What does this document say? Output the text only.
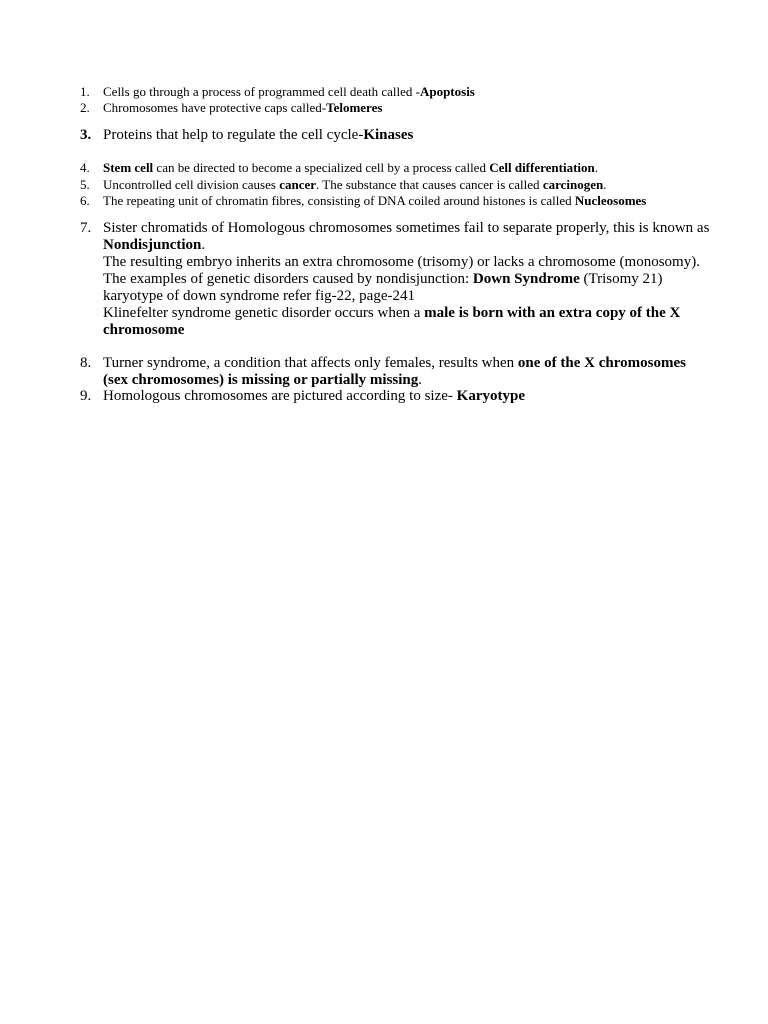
1.	Cells go through a process of programmed cell death called -Apoptosis
2.	Chromosomes have protective caps called-Telomeres
3. Proteins that help to regulate the cell cycle-Kinases
4.	Stem cell can be directed to become a specialized cell by a process called Cell differentiation.
5.	Uncontrolled cell division causes cancer. The substance that causes cancer is called carcinogen.
6.	The repeating unit of chromatin fibres, consisting of DNA coiled around histones is called Nucleosomes
7. Sister chromatids of Homologous chromosomes sometimes fail to separate properly, this is known as Nondisjunction.
The resulting embryo inherits an extra chromosome (trisomy) or lacks a chromosome (monosomy).
The examples of genetic disorders caused by nondisjunction: Down Syndrome (Trisomy 21)
karyotype of down syndrome refer fig-22, page-241
Klinefelter syndrome genetic disorder occurs when a male is born with an extra copy of the X chromosome
8. Turner syndrome, a condition that affects only females, results when one of the X chromosomes (sex chromosomes) is missing or partially missing.
9. Homologous chromosomes are pictured according to size- Karyotype
